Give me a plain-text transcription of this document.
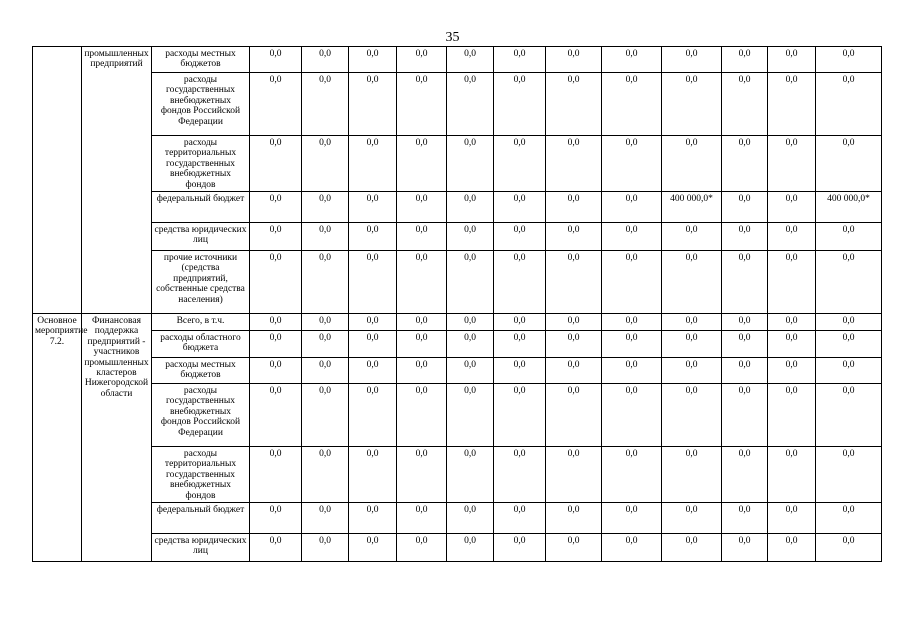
35
	промышленных предприятий	расходы местных бюджетов	0,0	0,0	0,0	0,0	0,0	0,0	0,0	0,0	0,0	0,0	0,0	0,0
		расходы государственных внебюджетных фондов Российской Федерации	0,0	0,0	0,0	0,0	0,0	0,0	0,0	0,0	0,0	0,0	0,0	0,0
		расходы территориальных государственных внебюджетных фондов	0,0	0,0	0,0	0,0	0,0	0,0	0,0	0,0	0,0	0,0	0,0	0,0
		федеральный бюджет	0,0	0,0	0,0	0,0	0,0	0,0	0,0	0,0	400 000,0*	0,0	0,0	400 000,0*
		средства юридических лиц	0,0	0,0	0,0	0,0	0,0	0,0	0,0	0,0	0,0	0,0	0,0	0,0
		прочие источники (средства предприятий, собственные средства населения)	0,0	0,0	0,0	0,0	0,0	0,0	0,0	0,0	0,0	0,0	0,0	0,0
Основное мероприятие 7.2.	Финансовая поддержка предприятий - участников промышленных кластеров Нижегородской области	Всего, в т.ч.	0,0	0,0	0,0	0,0	0,0	0,0	0,0	0,0	0,0	0,0	0,0	0,0
		расходы областного бюджета	0,0	0,0	0,0	0,0	0,0	0,0	0,0	0,0	0,0	0,0	0,0	0,0
		расходы местных бюджетов	0,0	0,0	0,0	0,0	0,0	0,0	0,0	0,0	0,0	0,0	0,0	0,0
		расходы государственных внебюджетных фондов Российской Федерации	0,0	0,0	0,0	0,0	0,0	0,0	0,0	0,0	0,0	0,0	0,0	0,0
		расходы территориальных государственных внебюджетных фондов	0,0	0,0	0,0	0,0	0,0	0,0	0,0	0,0	0,0	0,0	0,0	0,0
		федеральный бюджет	0,0	0,0	0,0	0,0	0,0	0,0	0,0	0,0	0,0	0,0	0,0	0,0
		средства юридических лиц	0,0	0,0	0,0	0,0	0,0	0,0	0,0	0,0	0,0	0,0	0,0	0,0
